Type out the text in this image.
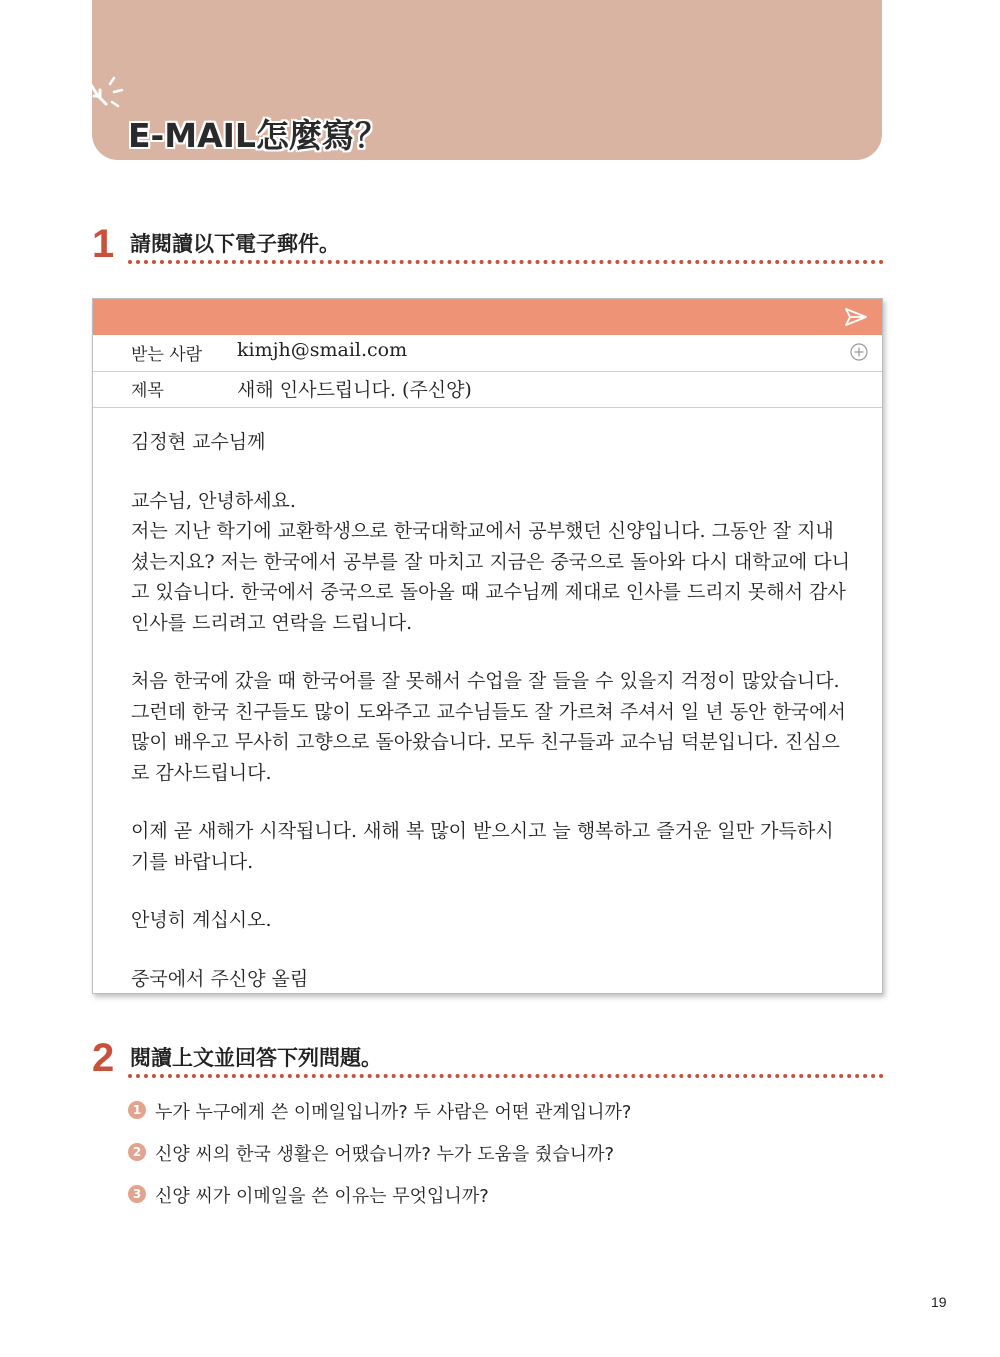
E-MAIL怎麼寫？
1 請閱讀以下電子郵件。
받는 사람 kimjh@smail.com
제목	새해 인사드립니다. (주신양)

김정현 교수님께

교수님, 안녕하세요.
저는 지난 학기에 교환학생으로 한국대학교에서 공부했던 신양입니다. 그동안 잘 지내셨는지요? 저는 한국에서 공부를 잘 마치고 지금은 중국으로 돌아와 다시 대학교에 다니고 있습니다. 한국에서 중국으로 돌아올 때 교수님께 제대로 인사를 드리지 못해서 감사 인사를 드리려고 연락을 드립니다.

처음 한국에 갔을 때 한국어를 잘 못해서 수업을 잘 들을 수 있을지 걱정이 많았습니다. 그런데 한국 친구들도 많이 도와주고 교수님들도 잘 가르쳐 주셔서 일 년 동안 한국에서 많이 배우고 무사히 고향으로 돌아왔습니다. 모두 친구들과 교수님 덕분입니다. 진심으로 감사드립니다.

이제 곧 새해가 시작됩니다. 새해 복 많이 받으시고 늘 행복하고 즐거운 일만 가득하시기를 바랍니다.

안녕히 계십시오.

중국에서 주신양 올림

2 閱讀上文並回答下列問題。
1 누가 누구에게 쓴 이메일입니까? 두 사람은 어떤 관계입니까?
2 신양 씨의 한국 생활은 어땠습니까? 누가 도움을 줬습니까?
3 신양 씨가 이메일을 쓴 이유는 무엇입니까?
19
